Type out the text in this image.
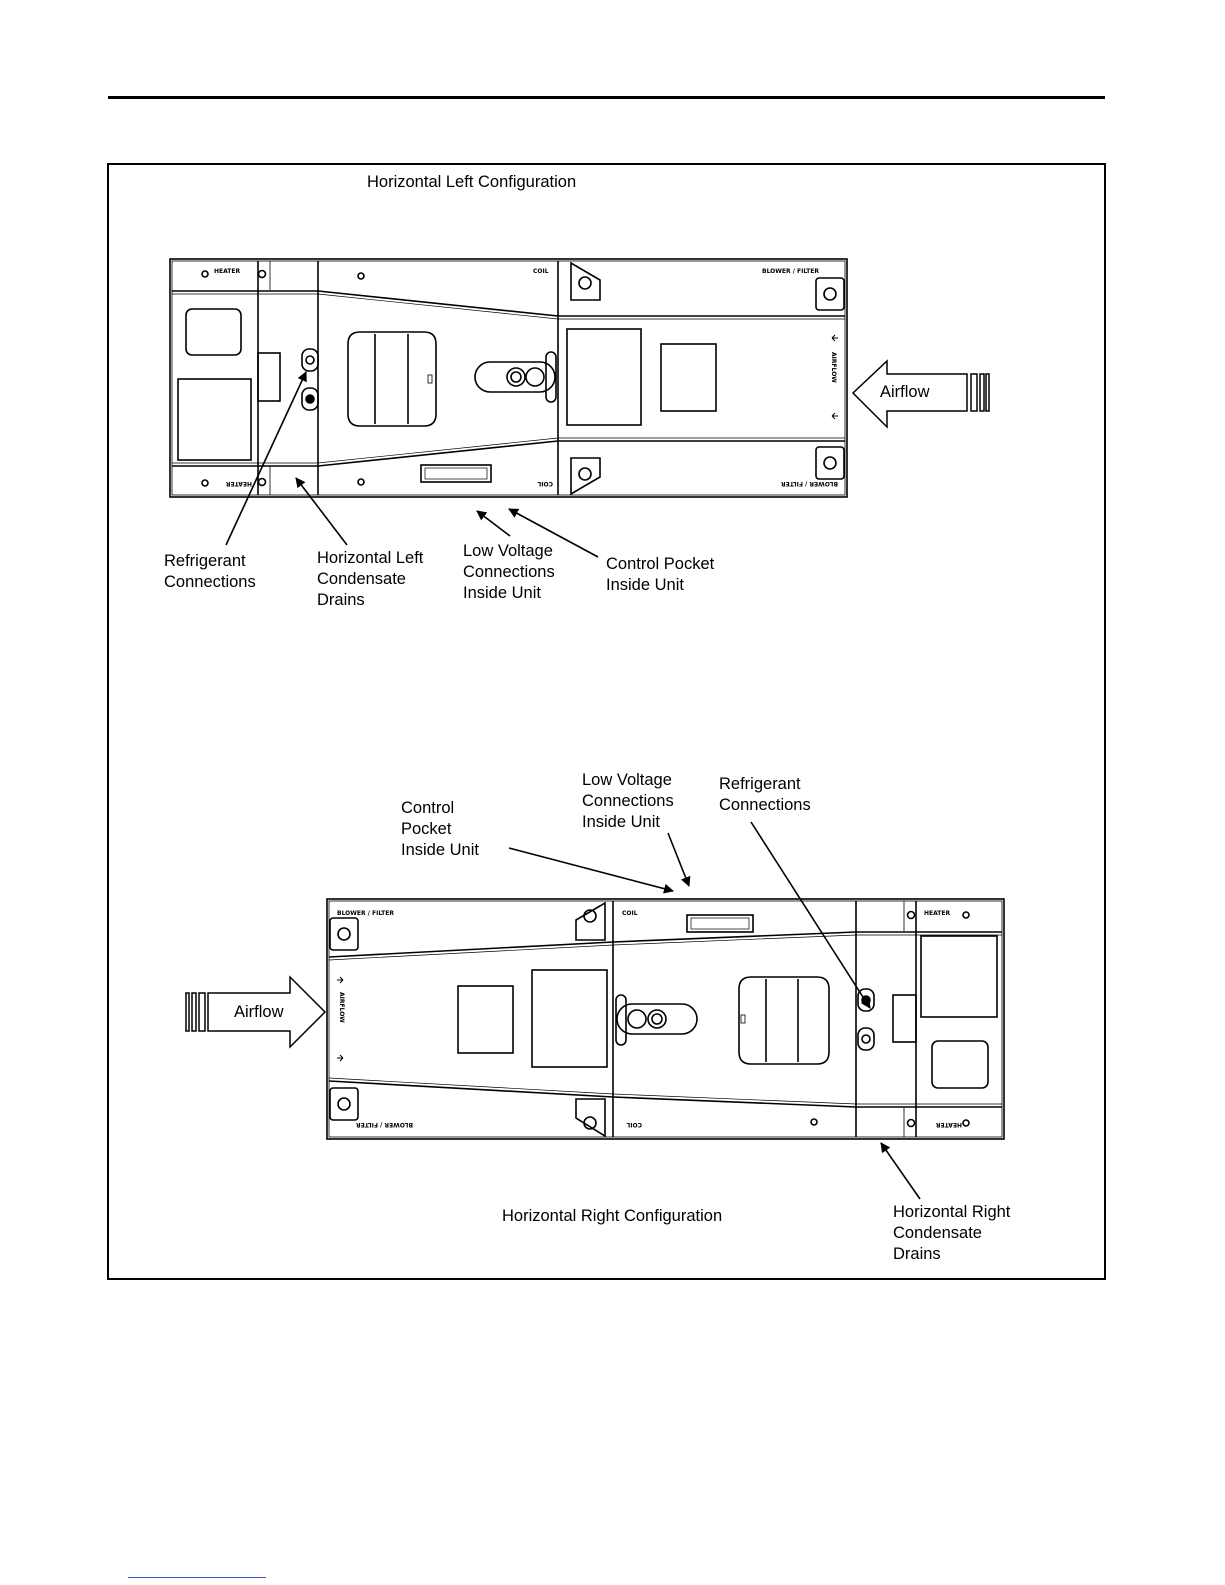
HEATER	COIL	BLOWER / FILTER
HEATER	COIL	BLOWER / FILTER
AIRFLOW
BLOWER / FILTER	COIL	HEATER
BLOWER / FILTER	COIL	HEATER
AIRFLOW
Horizontal Left Configuration
Airflow
Refrigerant
Connections
Horizontal Left
Condensate
Drains
Low Voltage
Connections
Inside Unit
Control Pocket
Inside Unit
Control
Pocket
Inside Unit
Low Voltage
Connections
Inside Unit
Refrigerant
Connections
Airflow
Horizontal Right Configuration	Horizontal Right
Condensate
Drains
